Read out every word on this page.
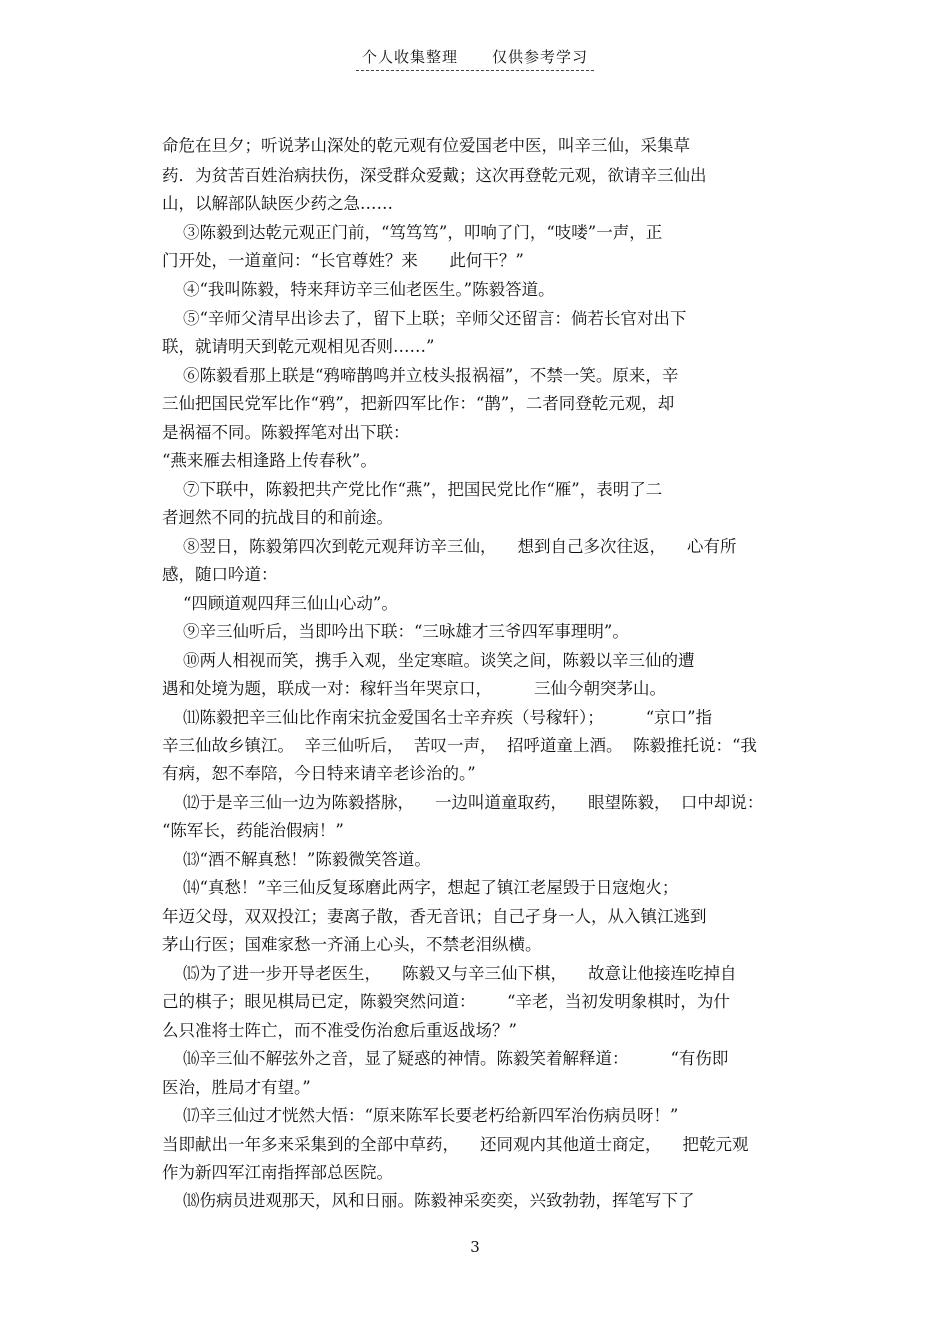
个人收集整理 仅供参考学习
命危在旦夕；听说茅山深处的乾元观有位爱国老中医，叫辛三仙，采集草
药．为贫苦百姓治病扶伤，深受群众爱戴；这次再登乾元观，欲请辛三仙出
山，以解部队缺医少药之急……
③陈毅到达乾元观正门前，“笃笃笃”，叩响了门，“吱喽”一声，正
门开处，一道童问：“长官尊姓？来      此何干？”
④“我叫陈毅，特来拜访辛三仙老医生。”陈毅答道。
⑤“辛师父清早出诊去了，留下上联；辛师父还留言：倘若长官对出下
联，就请明天到乾元观相见否则……”
⑥陈毅看那上联是“鸦啼鹊鸣并立枝头报祸福”，不禁一笑。原来，辛
三仙把国民党军比作“鸦”，把新四军比作：“鹊”，二者同登乾元观，却
是祸福不同。陈毅挥笔对出下联：
“燕来雁去相逢路上传春秋”。
⑦下联中，陈毅把共产党比作“燕”，把国民党比作“雁”，表明了二
者迥然不同的抗战目的和前途。
⑧翌日，陈毅第四次到乾元观拜访辛三仙，    想到自己多次往返，    心有所
感，随口吟道：
“四顾道观四拜三仙山心动”。
⑨辛三仙听后，当即吟出下联：“三咏雄才三爷四军事理明”。
⑩两人相视而笑，携手入观，坐定寒暄。谈笑之间，陈毅以辛三仙的遭
遇和处境为题，联成一对：稼轩当年哭京口，        三仙今朝突茅山。
⑾陈毅把辛三仙比作南宋抗金爱国名士辛弃疾（号稼轩）；        “京口”指
辛三仙故乡镇江。  辛三仙听后，  苦叹一声，  招呼道童上酒。  陈毅推托说：“我
有病，恕不奉陪，今日特来请辛老诊治的。”
⑿于是辛三仙一边为陈毅搭脉，    一边叫道童取药，    眼望陈毅，  口中却说：
“陈军长，药能治假病！”
⒀“酒不解真愁！”陈毅微笑答道。
⒁“真愁！”辛三仙反复琢磨此两字，想起了镇江老屋毁于日寇炮火；
年迈父母，双双投江；妻离子散，香无音讯；自己孑身一人，从入镇江逃到
茅山行医；国难家愁一齐涌上心头，不禁老泪纵横。
⒂为了进一步开导老医生，    陈毅又与辛三仙下棋，    故意让他接连吃掉自
己的棋子；眼见棋局已定，陈毅突然问道：      “辛老，当初发明象棋时，为什
么只准将士阵亡，而不准受伤治愈后重返战场？”
⒃辛三仙不解弦外之音，显了疑惑的神情。陈毅笑着解释道：        “有伤即
医治，胜局才有望。”
⒄辛三仙过才恍然大悟：“原来陈军长要老朽给新四军治伤病员呀！”
当即献出一年多来采集到的全部中草药，    还同观内其他道士商定，    把乾元观
作为新四军江南指挥部总医院。
⒅伤病员进观那天，风和日丽。陈毅神采奕奕，兴致勃勃，挥笔写下了
3
